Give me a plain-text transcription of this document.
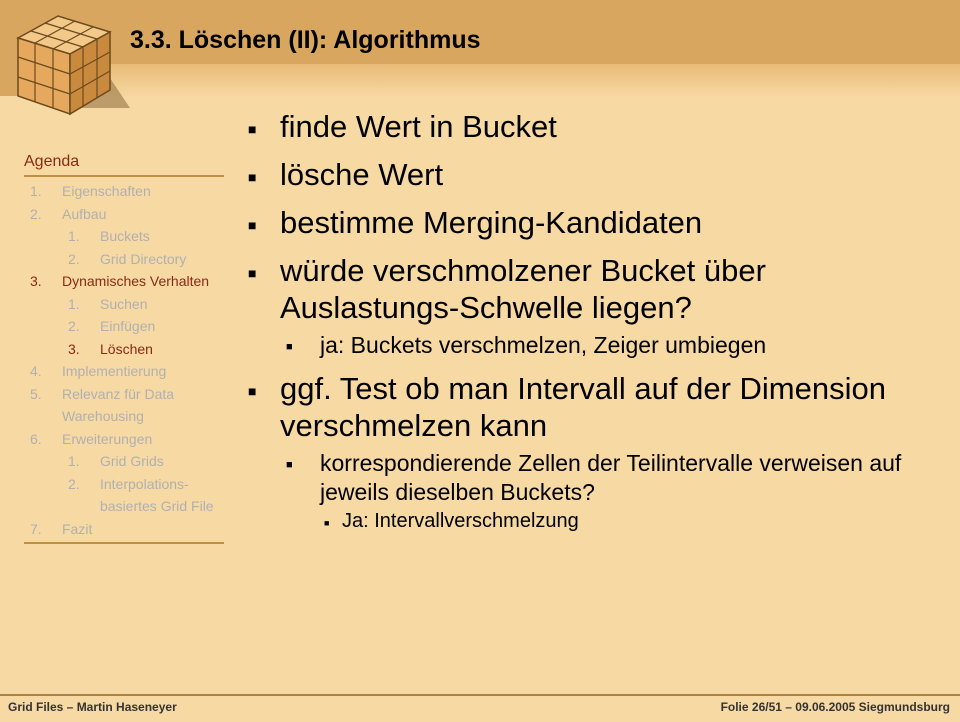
3.3. Löschen (II): Algorithmus
Agenda
1.	Eigenschaften
2.	Aufbau
1.	Buckets
2.	Grid Directory
3.	Dynamisches Verhalten
1.	Suchen
2.	Einfügen
3.	Löschen
4.	Implementierung
5.	Relevanz für Data Warehousing
6.	Erweiterungen
1.	Grid Grids
2.	Interpolations-basiertes Grid File
7.	Fazit
■ finde Wert in Bucket
■ lösche Wert
■ bestimme Merging-Kandidaten
■ würde verschmolzener Bucket über Auslastungs-Schwelle liegen?
■	ja: Buckets verschmelzen, Zeiger umbiegen
■ ggf. Test ob man Intervall auf der Dimension verschmelzen kann
■	korrespondierende Zellen der Teilintervalle verweisen auf jeweils dieselben Buckets?
■ Ja: Intervallverschmelzung
Grid Files – Martin Haseneyer	Folie 26/51 – 09.06.2005 Siegmundsburg
